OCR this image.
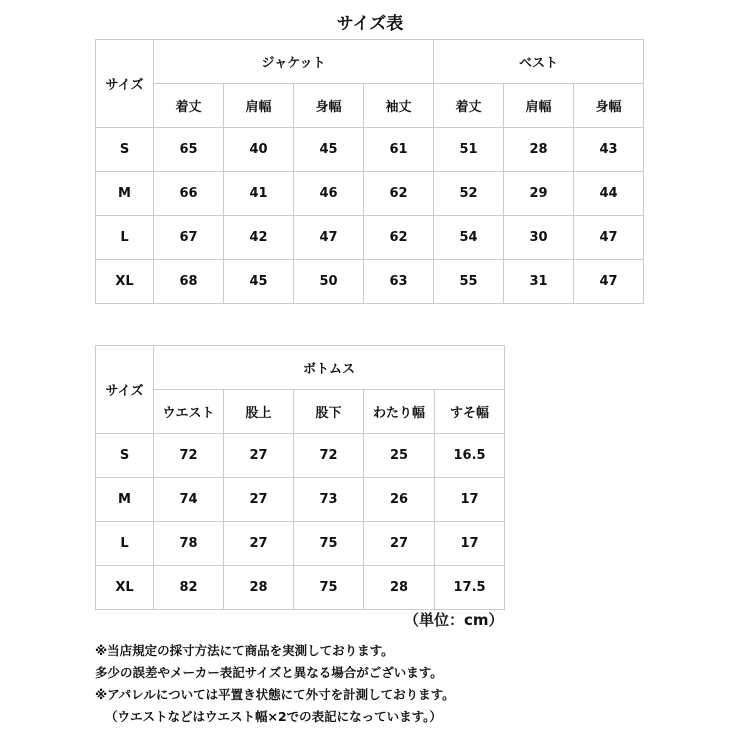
サイズ表
サイズ	ジャケット				ベスト		
	着丈	肩幅	身幅	袖丈	着丈	肩幅	身幅
S	65	40	45	61	51	28	43
M	66	41	46	62	52	29	44
L	67	42	47	62	54	30	47
XL	68	45	50	63	55	31	47
サイズ	ボトムス				
	ウエスト	股上	股下	わたり幅	すそ幅
S	72	27	72	25	16.5
M	74	27	73	26	17
L	78	27	75	27	17
XL	82	28	75	28	17.5
（単位：cm）
※当店規定の採寸方法にて商品を実測しております。
多少の誤差やメーカー表記サイズと異なる場合がございます。
※アパレルについては平置き状態にて外寸を計測しております。
（ウエストなどはウエスト幅×2での表記になっています。）
